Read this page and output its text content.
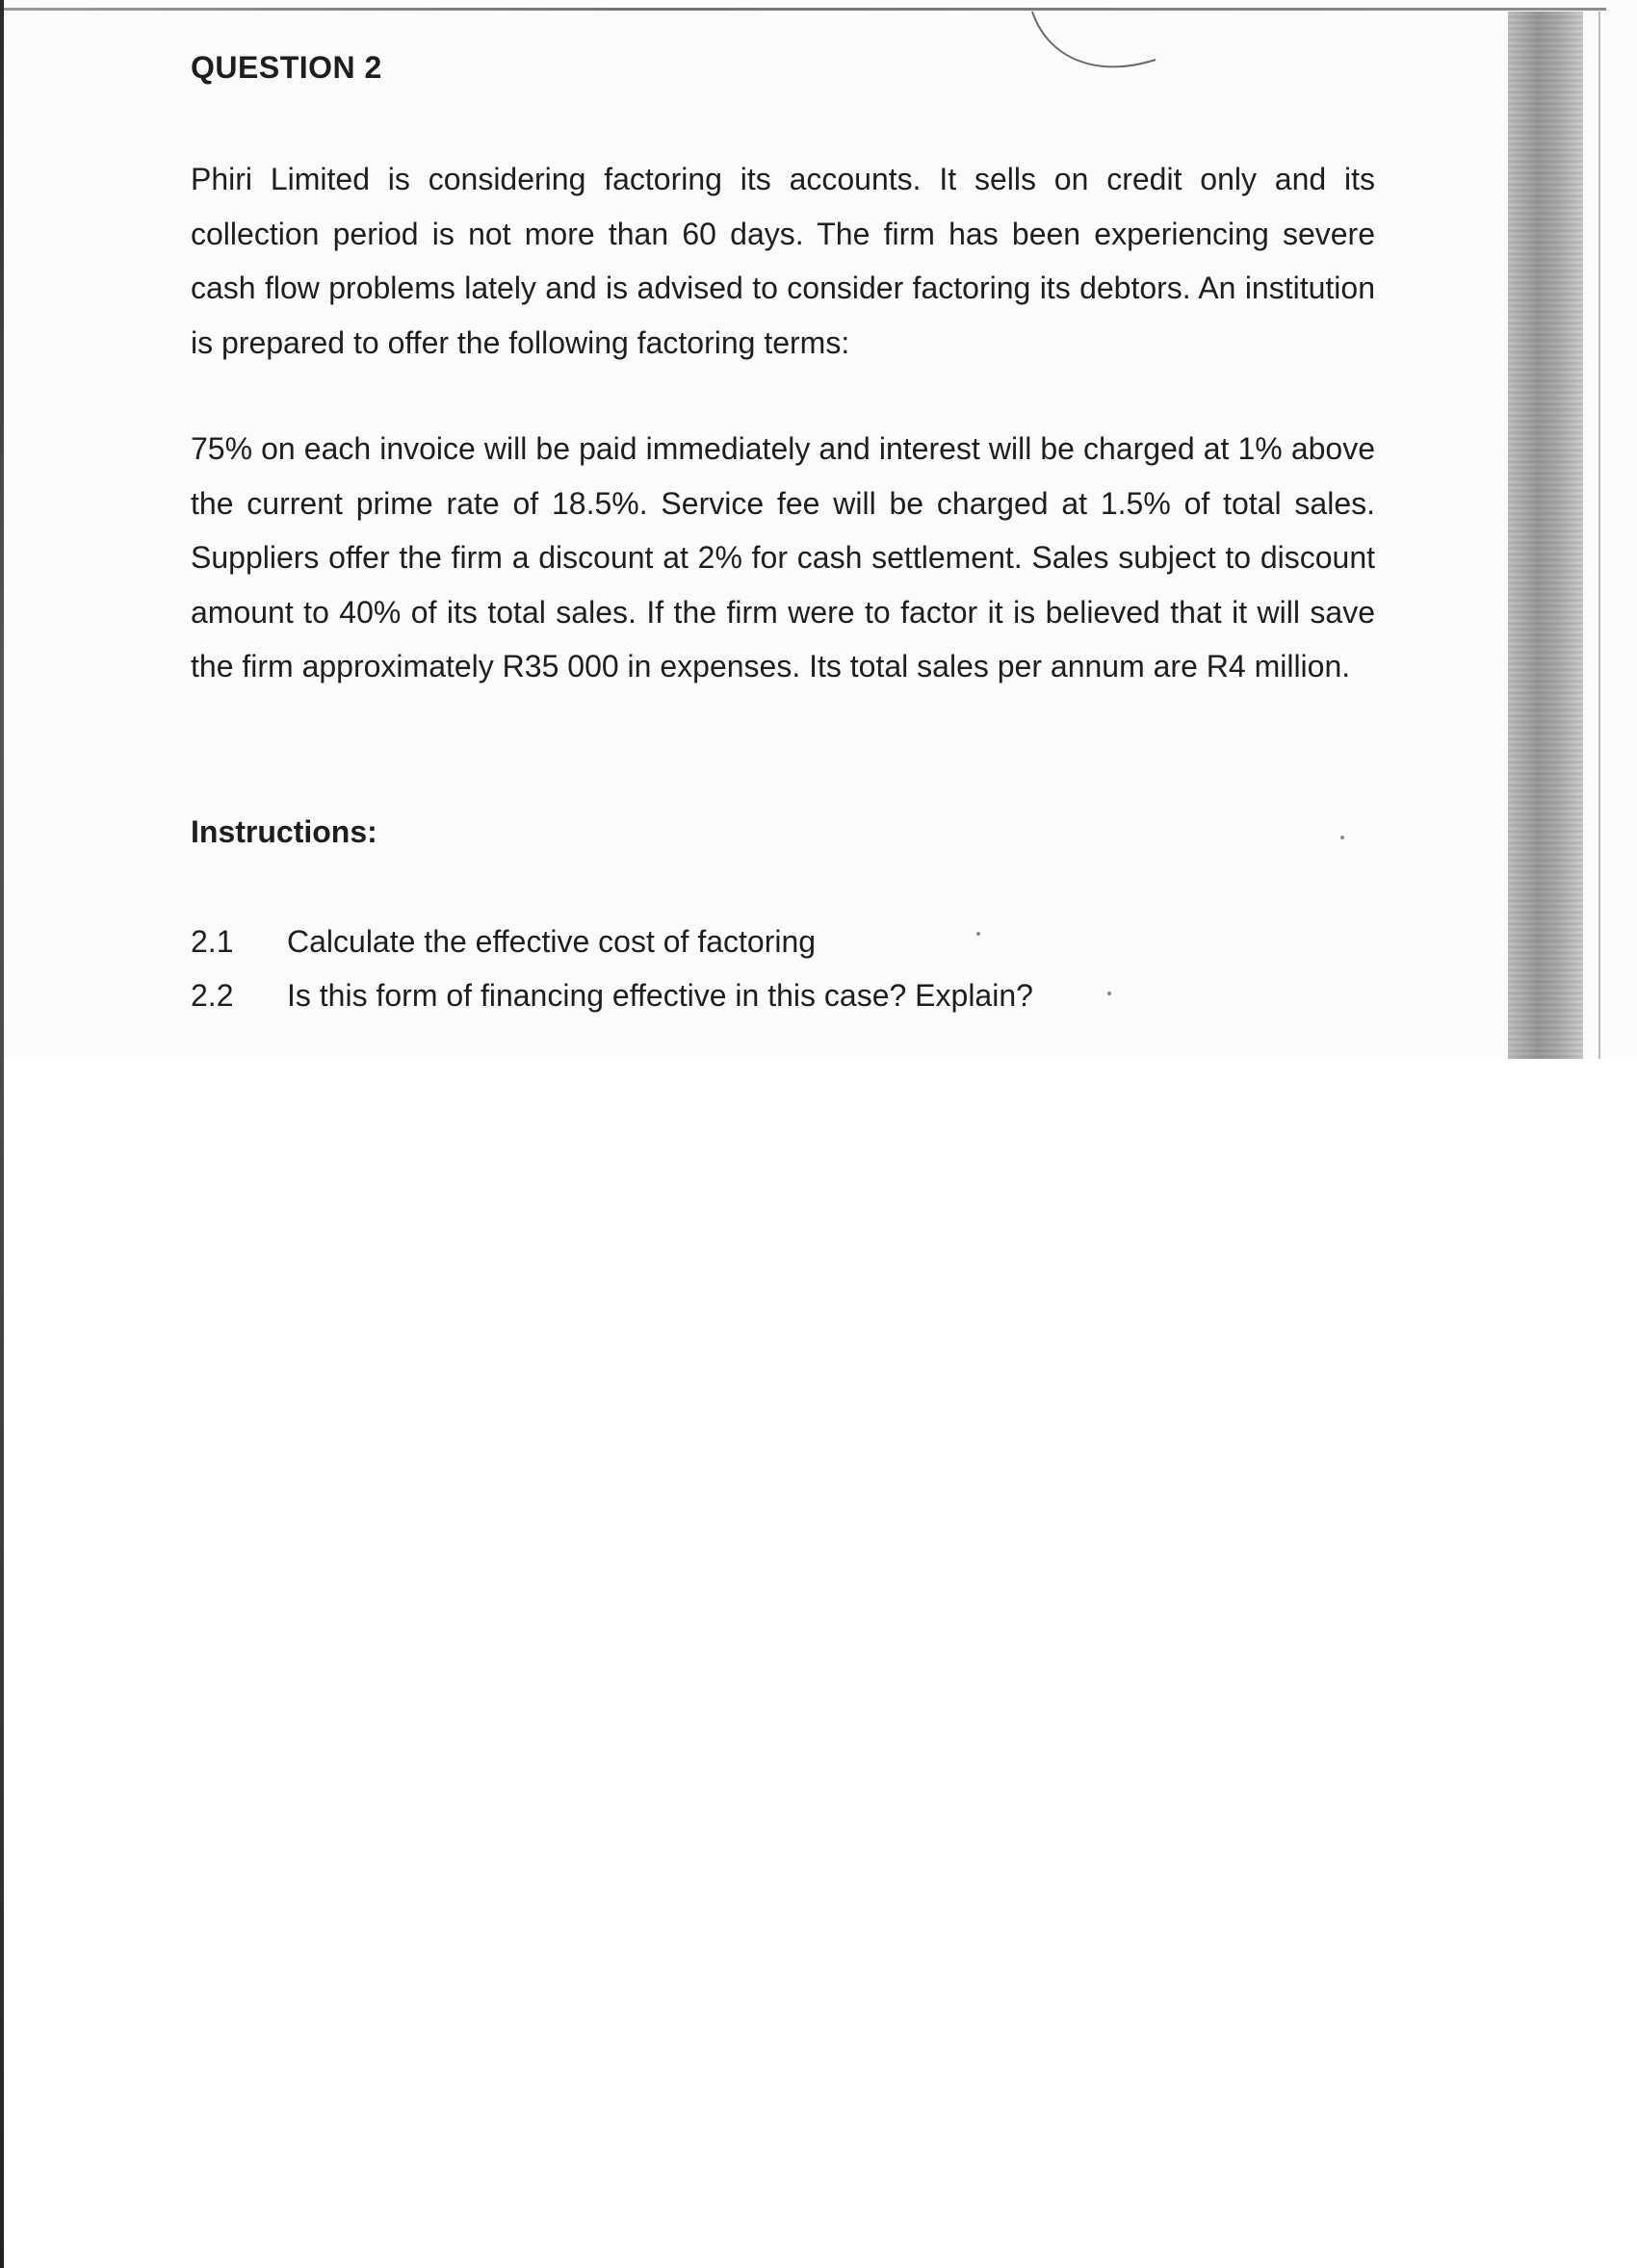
QUESTION 2

Phiri Limited is considering factoring its accounts. It sells on credit only and its collection period is not more than 60 days. The firm has been experiencing severe cash flow problems lately and is advised to consider factoring its debtors. An institution is prepared to offer the following factoring terms:

75% on each invoice will be paid immediately and interest will be charged at 1% above the current prime rate of 18.5%. Service fee will be charged at 1.5% of total sales. Suppliers offer the firm a discount at 2% for cash settlement. Sales subject to discount amount to 40% of its total sales. If the firm were to factor it is believed that it will save the firm approximately R35 000 in expenses. Its total sales per annum are R4 million.

Instructions:
2.1	Calculate the effective cost of factoring
2.2	Is this form of financing effective in this case? Explain?
